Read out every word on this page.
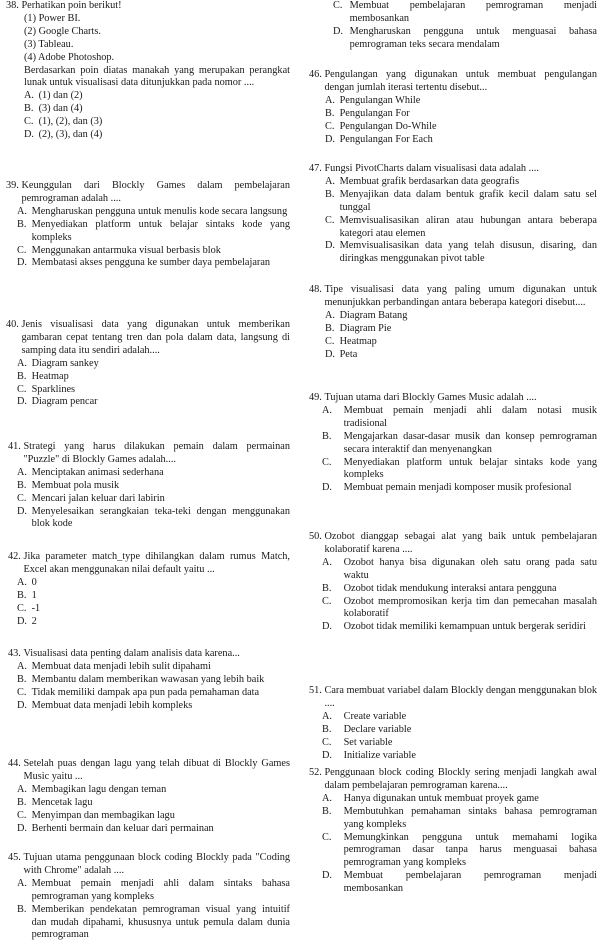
38.
Perhatikan poin berikut!
(1) Power BI.
(2) Google Charts.
(3) Tableau.
(4) Adobe Photoshop.
Berdasarkan poin diatas manakah yang merupakan perangkat lunak untuk visualisasi data ditunjukkan pada nomor ....
A.
(1) dan (2)
B.
(3) dan (4)
C.
(1), (2), dan (3)
D.
(2), (3), dan (4)
39.
Keunggulan dari Blockly Games dalam pembelajaran pemrograman adalah ....
A.
Mengharuskan pengguna untuk menulis kode secara langsung
B.
Menyediakan platform untuk belajar sintaks kode yang kompleks
C.
Menggunakan antarmuka visual berbasis blok
D.
Membatasi akses pengguna ke sumber daya pembelajaran
40.
Jenis visualisasi data yang digunakan untuk memberikan gambaran cepat tentang tren dan pola dalam data, langsung di samping data itu sendiri adalah....
A.
Diagram sankey
B.
Heatmap
C.
Sparklines
D.
Diagram pencar
41.
Strategi yang harus dilakukan pemain dalam permainan "Puzzle" di Blockly Games adalah....
A.
Menciptakan animasi sederhana
B.
Membuat pola musik
C.
Mencari jalan keluar dari labirin
D.
Menyelesaikan serangkaian teka-teki dengan menggunakan blok kode
42.
Jika parameter match_type dihilangkan dalam rumus Match, Excel akan menggunakan nilai default yaitu ...
A.
0
B.
1
C.
-1
D.
2
43.
Visualisasi data penting dalam analisis data karena...
A.
Membuat data menjadi lebih sulit dipahami
B.
Membantu dalam memberikan wawasan yang lebih baik
C.
Tidak memiliki dampak apa pun pada pemahaman data
D.
Membuat data menjadi lebih kompleks
44.
Setelah puas dengan lagu yang telah dibuat di Blockly Games Music yaitu ...
A.
Membagikan lagu dengan teman
B.
Mencetak lagu
C.
Menyimpan dan membagikan lagu
D.
Berhenti bermain dan keluar dari permainan
45.
Tujuan utama penggunaan block coding Blockly pada "Coding with Chrome" adalah ....
A.
Membuat pemain menjadi ahli dalam sintaks bahasa pemrograman yang kompleks
B.
Memberikan pendekatan pemrograman visual yang intuitif dan mudah dipahami, khususnya untuk pemula dalam dunia pemrograman
C.
Membuat pembelajaran pemrograman menjadi membosankan
D.
Mengharuskan pengguna untuk menguasai bahasa pemrograman teks secara mendalam
46.
Pengulangan yang digunakan untuk membuat pengulangan dengan jumlah iterasi tertentu disebut...
A.
Pengulangan While
B.
Pengulangan For
C.
Pengulangan Do-While
D.
Pengulangan For Each
47.
Fungsi PivotCharts dalam visualisasi data adalah ....
A.
Membuat grafik berdasarkan data geografis
B.
Menyajikan data dalam bentuk grafik kecil dalam satu sel tunggal
C.
Memvisualisasikan aliran atau hubungan antara beberapa kategori atau elemen
D.
Memvisualisasikan data yang telah disusun, disaring, dan diringkas menggunakan pivot table
48.
Tipe visualisasi data yang paling umum digunakan untuk menunjukkan perbandingan antara beberapa kategori disebut....
A.
Diagram Batang
B.
Diagram Pie
C.
Heatmap
D.
Peta
49.
Tujuan utama dari Blockly Games Music adalah ....
A.
	Membuat pemain menjadi ahli dalam notasi musik tradisional
B.
	Mengajarkan dasar-dasar musik dan konsep pemrograman secara interaktif dan menyenangkan
C.
	Menyediakan platform untuk belajar sintaks kode yang kompleks
D.
	Membuat pemain menjadi komposer musik profesional
50.
Ozobot dianggap sebagai alat yang baik untuk pembelajaran kolaboratif karena ....
A.
	Ozobot hanya bisa digunakan oleh satu orang pada satu waktu
B.
	Ozobot tidak mendukung interaksi antara pengguna
C.
	Ozobot mempromosikan kerja tim dan pemecahan masalah kolaboratif
D.
	Ozobot tidak memiliki kemampuan untuk bergerak seridiri
51.
Cara membuat variabel dalam Blockly dengan menggunakan blok ....
A.
	Create variable
B.
	Declare variable
C.
	Set variable
D.
	Initialize variable
52.
Penggunaan block coding Blockly sering menjadi langkah awal dalam pembelajaran pemrograman karena....
A.
	Hanya digunakan untuk membuat proyek game
B.
	Membutuhkan pemahaman sintaks bahasa pemrograman yang kompleks
C.
	Memungkinkan pengguna untuk memahami logika pemrograman dasar tanpa harus menguasai bahasa pemrograman yang kompleks
D.
	Membuat pembelajaran pemrograman menjadi membosankan
